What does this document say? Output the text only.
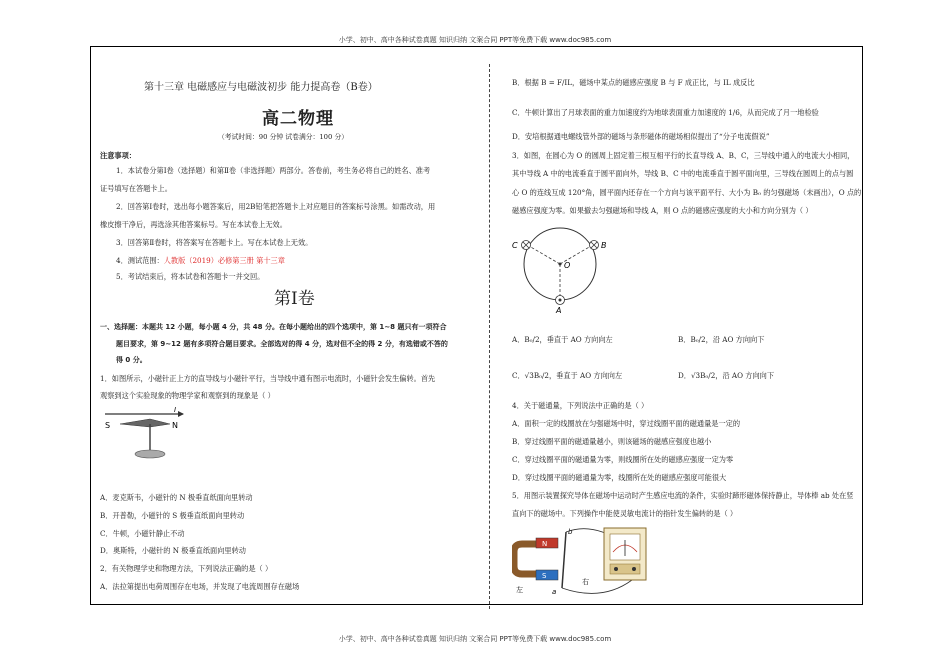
小学、初中、高中各种试卷真题 知识归纳 文案合同 PPT等免费下载 www.doc985.com
第十三章 电磁感应与电磁波初步 能力提高卷（B卷）
高二物理
（考试时间：90 分钟 试卷满分：100 分）
注意事项：
1．本试卷分第Ⅰ卷（选择题）和第Ⅱ卷（非选择题）两部分。答卷前，考生务必将自己的姓名、准考
证号填写在答题卡上。
2．回答第Ⅰ卷时，选出每小题答案后，用2B铅笔把答题卡上对应题目的答案标号涂黑。如需改动，用
橡皮擦干净后，再选涂其他答案标号。写在本试卷上无效。
3．回答第Ⅱ卷时，将答案写在答题卡上。写在本试卷上无效。
4．测试范围：人教版（2019）必修第三册 第十三章
5．考试结束后，将本试卷和答题卡一并交回。
第Ⅰ卷
一、选择题：本题共 12 小题，每小题 4 分，共 48 分。在每小题给出的四个选项中，第 1~8 题只有一项符合
题目要求，第 9~12 题有多项符合题目要求。全部选对的得 4 分，选对但不全的得 2 分，有选错或不答的
得 0 分。
1．如图所示，小磁针正上方的直导线与小磁针平行，当导线中通有图示电流时，小磁针会发生偏转。首先
观察到这个实验现象的物理学家和观察到的现象是（ ）
I
S	N
A．麦克斯韦，小磁针的 N 极垂直纸面向里转动
B．开普勒，小磁针的 S 极垂直纸面向里转动
C．牛顿，小磁针静止不动
D．奥斯特，小磁针的 N 极垂直纸面向里转动
2．有关物理学史和物理方法，下列说法正确的是（ ）
A．法拉第提出电荷周围存在电场，并发现了电流周围存在磁场
B．根据 B = F/IL，磁场中某点的磁感应强度 B 与 F 成正比，与 IL 成反比
C．牛顿计算出了月球表面的重力加速度约为地球表面重力加速度的 1/6，从而完成了月一地检验
D．安培根据通电螺线管外部的磁场与条形磁体的磁场相似提出了“分子电流假说”
3．如图，在圆心为 O 的圆周上固定着三根互相平行的长直导线 A、B、C，三导线中通入的电流大小相同，
其中导线 A 中的电流垂直于圆平面向外，导线 B、C 中的电流垂直于圆平面向里，三导线在圆周上的点与圆
心 O 的连线互成 120°角，圆平面内还存在一个方向与该平面平行、大小为 B₀ 的匀强磁场（未画出），O 点的
磁感应强度为零。如果撤去匀强磁场和导线 A，则 O 点的磁感应强度的大小和方向分别为（ ）
C	B
O
A
A．B₀/2，垂直于 AO 方向向左	B．B₀/2，沿 AO 方向向下
C．√3B₀/2，垂直于 AO 方向向左	D．√3B₀/2，沿 AO 方向向下
4．关于磁通量，下列说法中正确的是（ ）
A．面积一定的线圈放在匀强磁场中时，穿过线圈平面的磁通量是一定的
B．穿过线圈平面的磁通量越小，则该磁场的磁感应强度也越小
C．穿过线圈平面的磁通量为零，则线圈所在处的磁感应强度一定为零
D．穿过线圈平面的磁通量为零，线圈所在处的磁感应强度可能很大
5．用图示装置探究导体在磁场中运动时产生感应电流的条件，实验时蹄形磁体保持静止，导体棒 ab 处在竖
直向下的磁场中。下列操作中能使灵敏电流计的指针发生偏转的是（ ）
N
S
b
a
左
右
小学、初中、高中各种试卷真题 知识归纳 文案合同 PPT等免费下载 www.doc985.com
